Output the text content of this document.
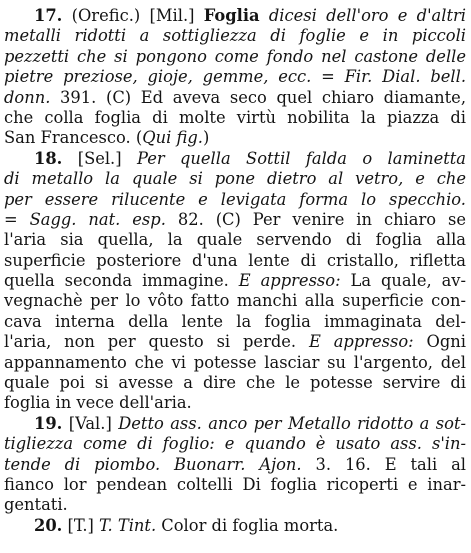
17. (Orefic.) [Mil.] Foglia dicesi dell'oro e d'altri
metalli ridotti a sottigliezza di foglie e in piccoli
pezzetti che si pongono come fondo nel castone delle
pietre preziose, gioje, gemme, ecc. = Fir. Dial. bell.
donn. 391. (C) Ed aveva seco quel chiaro diamante,
che colla foglia di molte virtù nobilita la piazza di
San Francesco. (Qui fig.)
18. [Sel.] Per quella Sottil falda o laminetta
di metallo la quale si pone dietro al vetro, e che
per essere rilucente e levigata forma lo specchio.
= Sagg. nat. esp. 82. (C) Per venire in chiaro se
l'aria sia quella, la quale servendo di foglia alla
superficie posteriore d'una lente di cristallo, rifletta
quella seconda immagine. E appresso: La quale, av-
vegnachè per lo vôto fatto manchi alla superficie con-
cava interna della lente la foglia immaginata del-
l'aria, non per questo si perde. E appresso: Ogni
appannamento che vi potesse lasciar su l'argento, del
quale poi si avesse a dire che le potesse servire di
foglia in vece dell'aria.
19. [Val.] Detto ass. anco per Metallo ridotto a sot-
tigliezza come di foglio: e quando è usato ass. s'in-
tende di piombo. Buonarr. Ajon. 3. 16. E tali al
fianco lor pendean coltelli Di foglia ricoperti e inar-
gentati.
20. [T.] T. Tint. Color di foglia morta.
